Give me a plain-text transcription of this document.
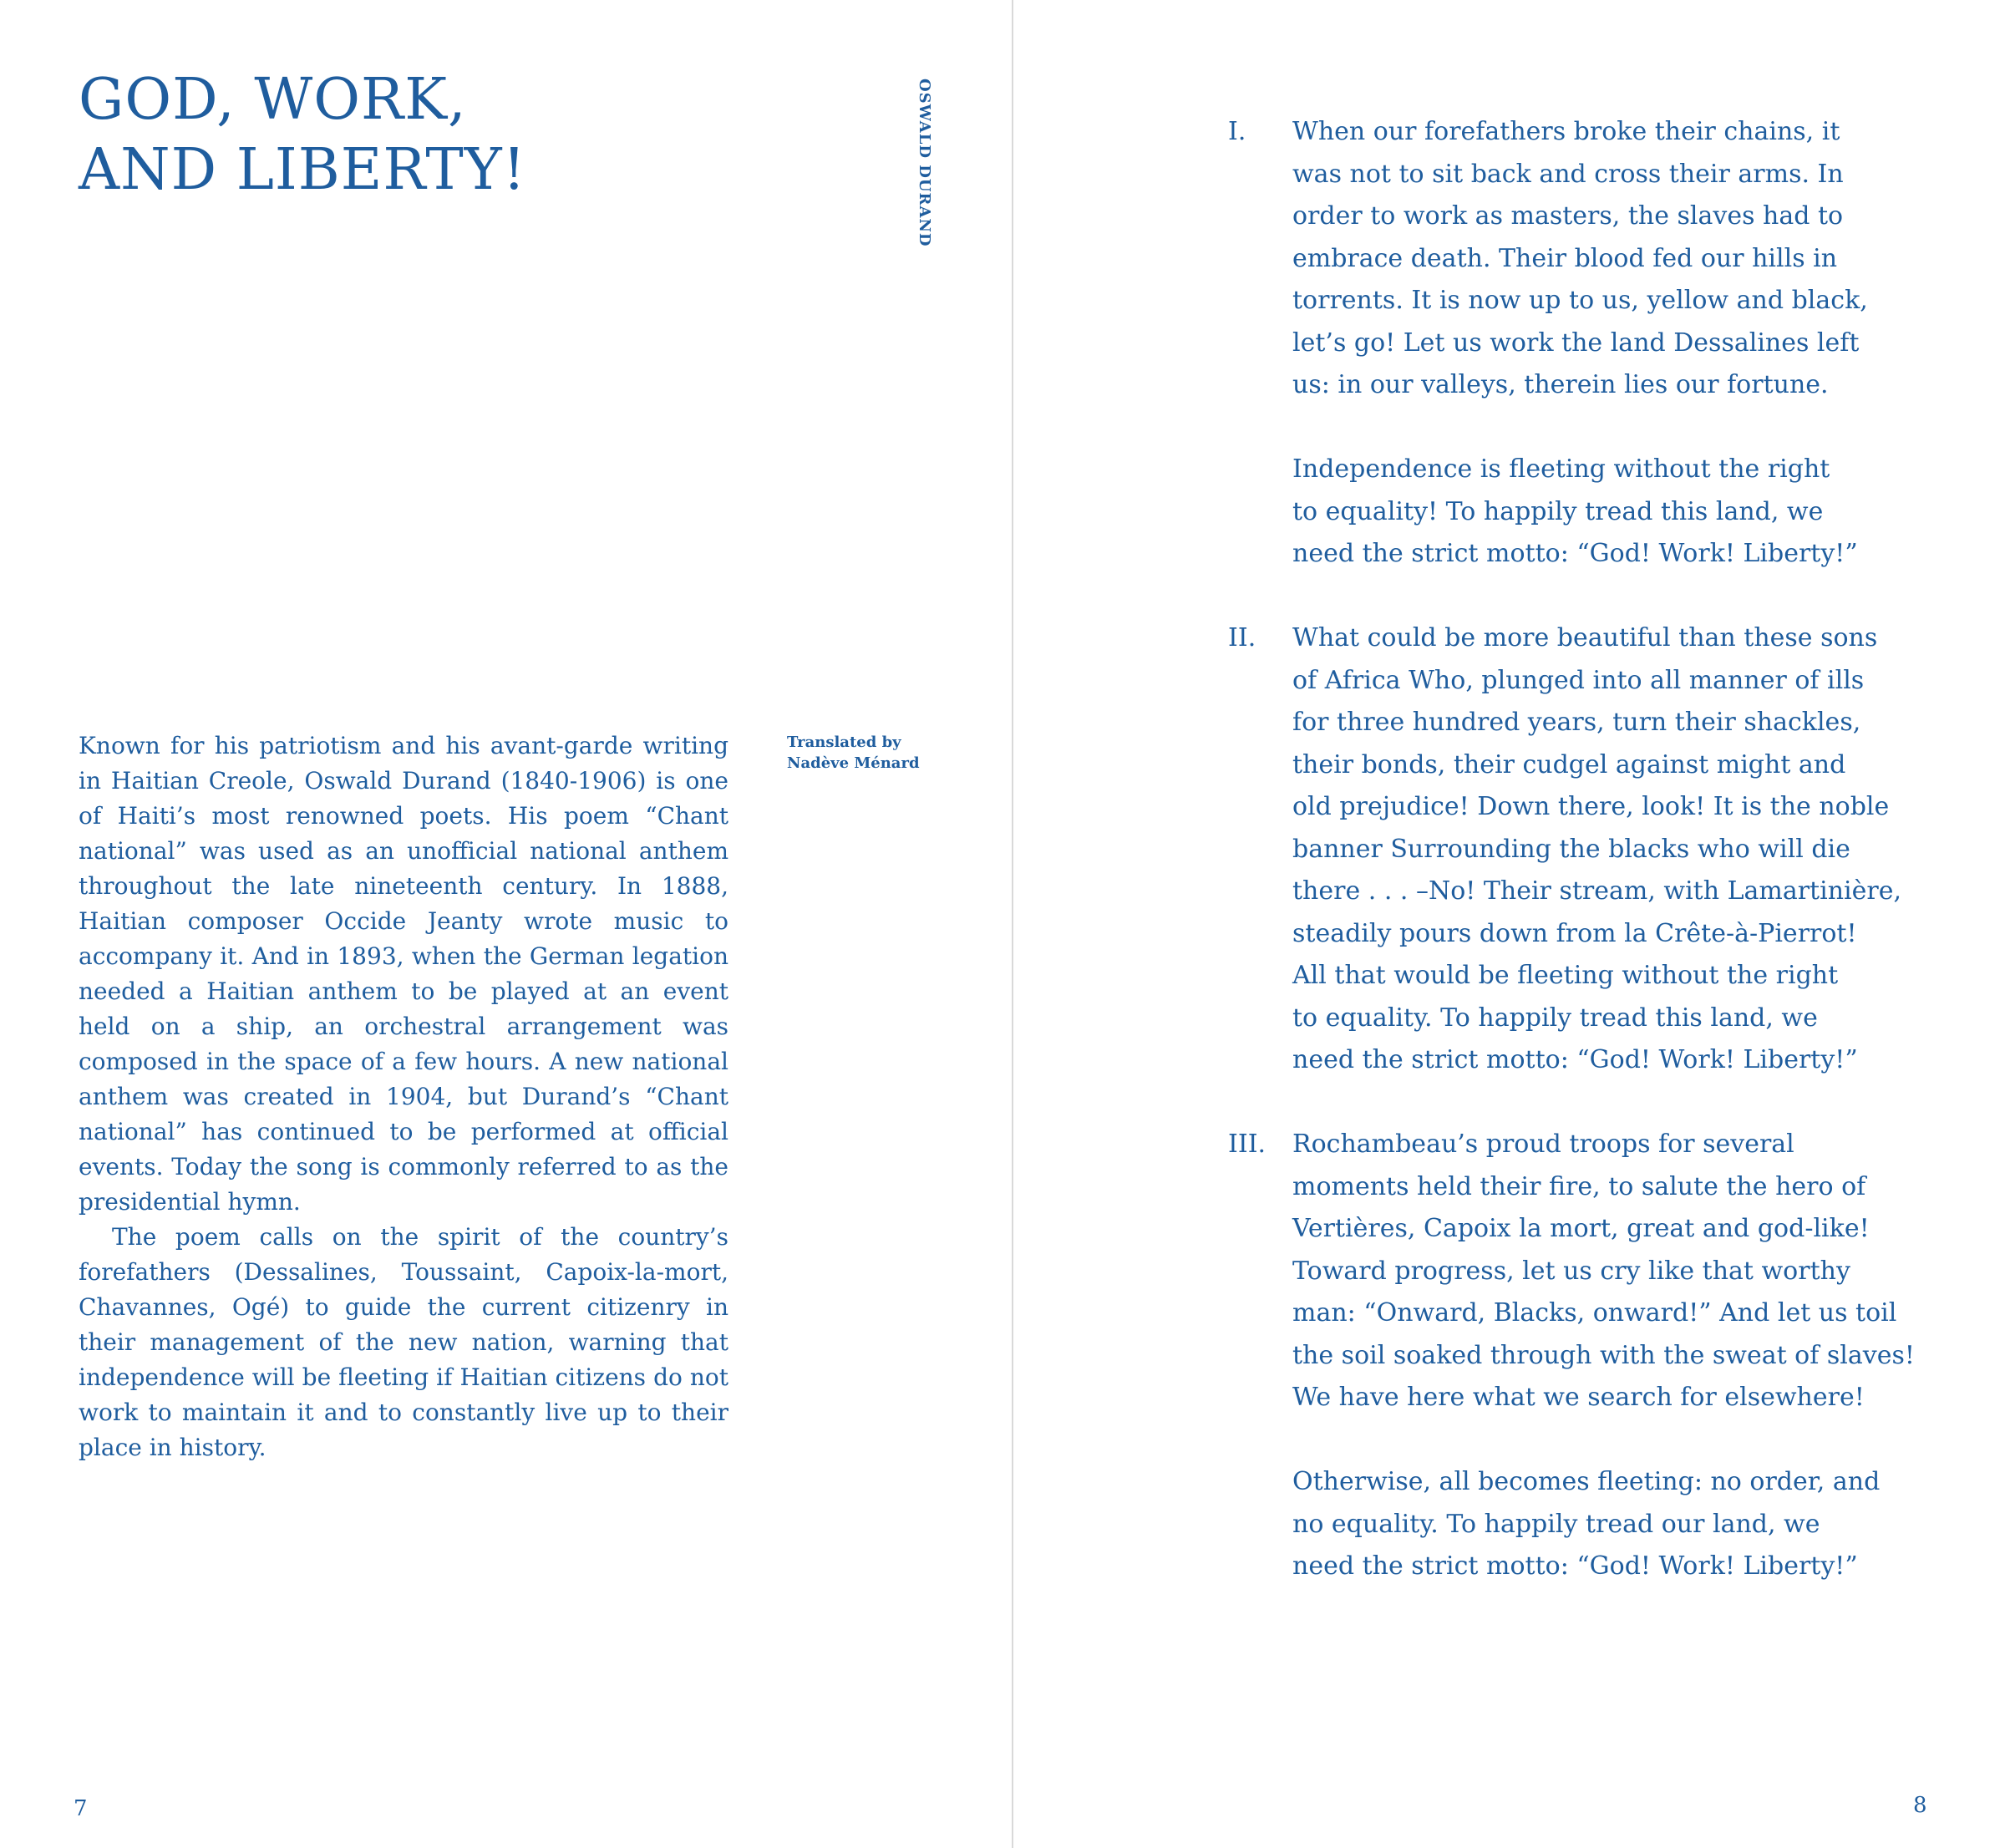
GOD, WORK,
AND LIBERTY!	OSWALD DURAND

Known for his patriotism and his avant-garde writing in Haitian Creole, Oswald Durand (1840-1906) is one of Haiti’s most renowned poets. His poem “Chant national” was used as an unofficial national anthem throughout the late nineteenth century. In 1888, Haitian composer Occide Jeanty wrote music to accompany it. And in 1893, when the German legation needed a Haitian anthem to be played at an event held on a ship, an orchestral arrangement was composed in the space of a few hours. A new national anthem was created in 1904, but Durand’s “Chant national” has continued to be performed at official events. Today the song is commonly referred to as the presidential hymn.

The poem calls on the spirit of the country’s forefathers (Dessalines, Toussaint, Capoix-la-mort, Chavannes, Ogé) to guide the current citizenry in their management of the new nation, warning that independence will be fleeting if Haitian citizens do not work to maintain it and to constantly live up to their place in history.

Translated by
Nadève Ménard
7
I. When our forefathers broke their chains, it
was not to sit back and cross their arms. In
order to work as masters, the slaves had to
embrace death. Their blood fed our hills in
torrents. It is now up to us, yellow and black,
let’s go! Let us work the land Dessalines left
us: in our valleys, therein lies our fortune.
Independence is fleeting without the right
to equality! To happily tread this land, we
need the strict motto: “God! Work! Liberty!”
II. What could be more beautiful than these sons
of Africa Who, plunged into all manner of ills
for three hundred years, turn their shackles,
their bonds, their cudgel against might and
old prejudice! Down there, look! It is the noble
banner Surrounding the blacks who will die
there . . . –No! Their stream, with Lamartinière,
steadily pours down from la Crête-à-Pierrot!
All that would be fleeting without the right
to equality. To happily tread this land, we
need the strict motto: “God! Work! Liberty!”
III. Rochambeau’s proud troops for several
moments held their fire, to salute the hero of
Vertières, Capoix la mort, great and god-like!
Toward progress, let us cry like that worthy
man: “Onward, Blacks, onward!” And let us toil
the soil soaked through with the sweat of slaves!
We have here what we search for elsewhere!
Otherwise, all becomes fleeting: no order, and
no equality. To happily tread our land, we
need the strict motto: “God! Work! Liberty!”
8
